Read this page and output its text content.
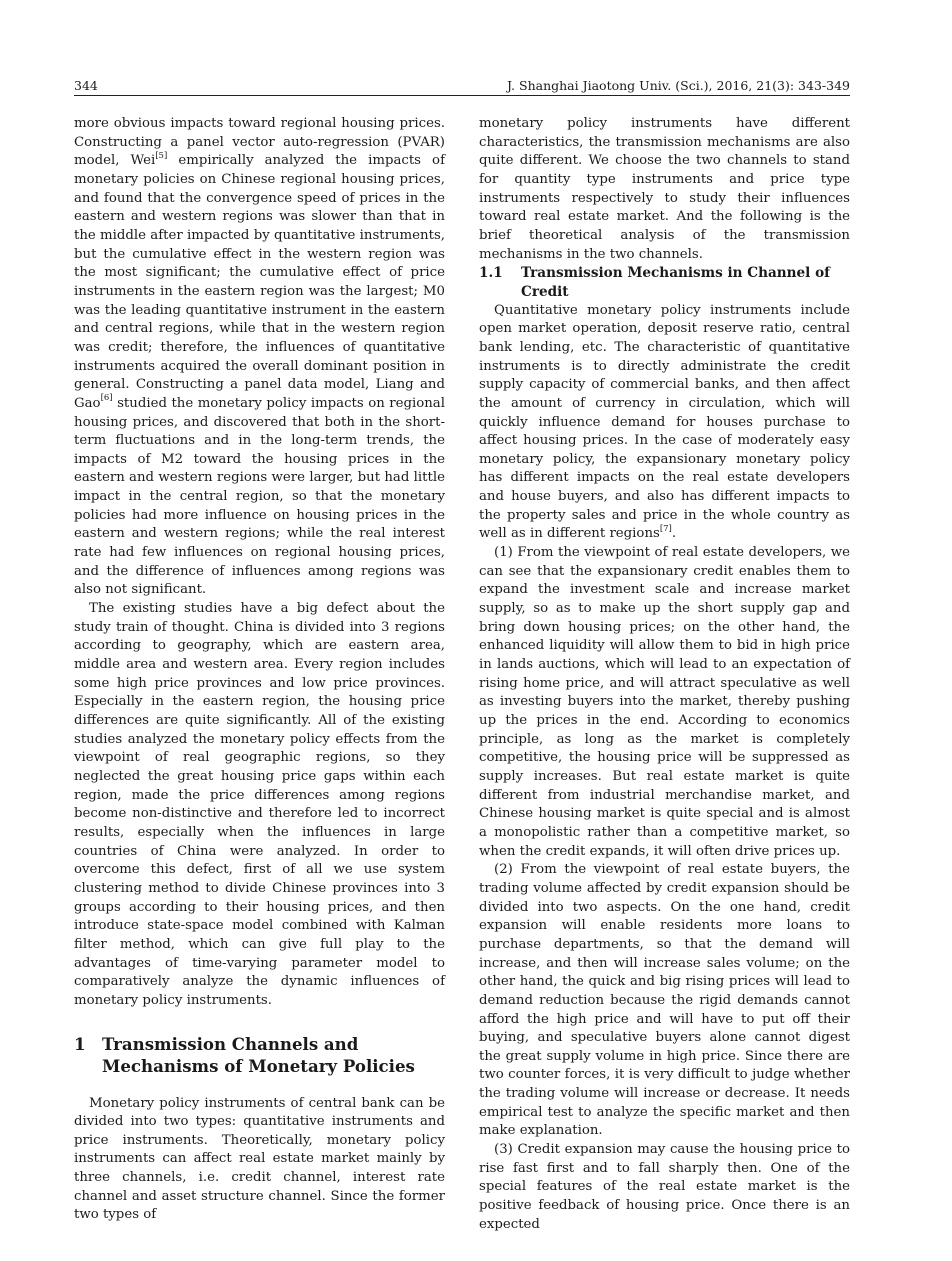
344	J. Shanghai Jiaotong Univ. (Sci.), 2016, 21(3): 343-349

more obvious impacts toward regional housing prices. Constructing a panel vector auto-regression (PVAR) model, Wei[5] empirically analyzed the impacts of monetary policies on Chinese regional housing prices, and found that the convergence speed of prices in the eastern and western regions was slower than that in the middle after impacted by quantitative instruments, but the cumulative effect in the western region was the most significant; the cumulative effect of price instruments in the eastern region was the largest; M0 was the leading quantitative instrument in the eastern and central regions, while that in the western region was credit; therefore, the influences of quantitative instruments acquired the overall dominant position in general. Constructing a panel data model, Liang and Gao[6] studied the monetary policy impacts on regional housing prices, and discovered that both in the short-term fluctuations and in the long-term trends, the impacts of M2 toward the housing prices in the eastern and western regions were larger, but had little impact in the central region, so that the monetary policies had more influence on housing prices in the eastern and western regions; while the real interest rate had few influences on regional housing prices, and the difference of influences among regions was also not significant.

The existing studies have a big defect about the study train of thought. China is divided into 3 regions according to geography, which are eastern area, middle area and western area. Every region includes some high price provinces and low price provinces. Especially in the eastern region, the housing price differences are quite significantly. All of the existing studies analyzed the monetary policy effects from the viewpoint of real geographic regions, so they neglected the great housing price gaps within each region, made the price differences among regions become non-distinctive and therefore led to incorrect results, especially when the influences in large countries of China were analyzed. In order to overcome this defect, first of all we use system clustering method to divide Chinese provinces into 3 groups according to their housing prices, and then introduce state-space model combined with Kalman filter method, which can give full play to the advantages of time-varying parameter model to comparatively analyze the dynamic influences of monetary policy instruments.

1 Transmission Channels and Mechanisms of Monetary Policies

Monetary policy instruments of central bank can be divided into two types: quantitative instruments and price instruments. Theoretically, monetary policy instruments can affect real estate market mainly by three channels, i.e. credit channel, interest rate channel and asset structure channel. Since the former two types of

monetary policy instruments have different characteristics, the transmission mechanisms are also quite different. We choose the two channels to stand for quantity type instruments and price type instruments respectively to study their influences toward real estate market. And the following is the brief theoretical analysis of the transmission mechanisms in the two channels.

1.1	Transmission Mechanisms in Channel of Credit

Quantitative monetary policy instruments include open market operation, deposit reserve ratio, central bank lending, etc. The characteristic of quantitative instruments is to directly administrate the credit supply capacity of commercial banks, and then affect the amount of currency in circulation, which will quickly influence demand for houses purchase to affect housing prices. In the case of moderately easy monetary policy, the expansionary monetary policy has different impacts on the real estate developers and house buyers, and also has different impacts to the property sales and price in the whole country as well as in different regions[7].

(1) From the viewpoint of real estate developers, we can see that the expansionary credit enables them to expand the investment scale and increase market supply, so as to make up the short supply gap and bring down housing prices; on the other hand, the enhanced liquidity will allow them to bid in high price in lands auctions, which will lead to an expectation of rising home price, and will attract speculative as well as investing buyers into the market, thereby pushing up the prices in the end. According to economics principle, as long as the market is completely competitive, the housing price will be suppressed as supply increases. But real estate market is quite different from industrial merchandise market, and Chinese housing market is quite special and is almost a monopolistic rather than a competitive market, so when the credit expands, it will often drive prices up.

(2) From the viewpoint of real estate buyers, the trading volume affected by credit expansion should be divided into two aspects. On the one hand, credit expansion will enable residents more loans to purchase departments, so that the demand will increase, and then will increase sales volume; on the other hand, the quick and big rising prices will lead to demand reduction because the rigid demands cannot afford the high price and will have to put off their buying, and speculative buyers alone cannot digest the great supply volume in high price. Since there are two counter forces, it is very difficult to judge whether the trading volume will increase or decrease. It needs empirical test to analyze the specific market and then make explanation.

(3) Credit expansion may cause the housing price to rise fast first and to fall sharply then. One of the special features of the real estate market is the positive feedback of housing price. Once there is an expected
